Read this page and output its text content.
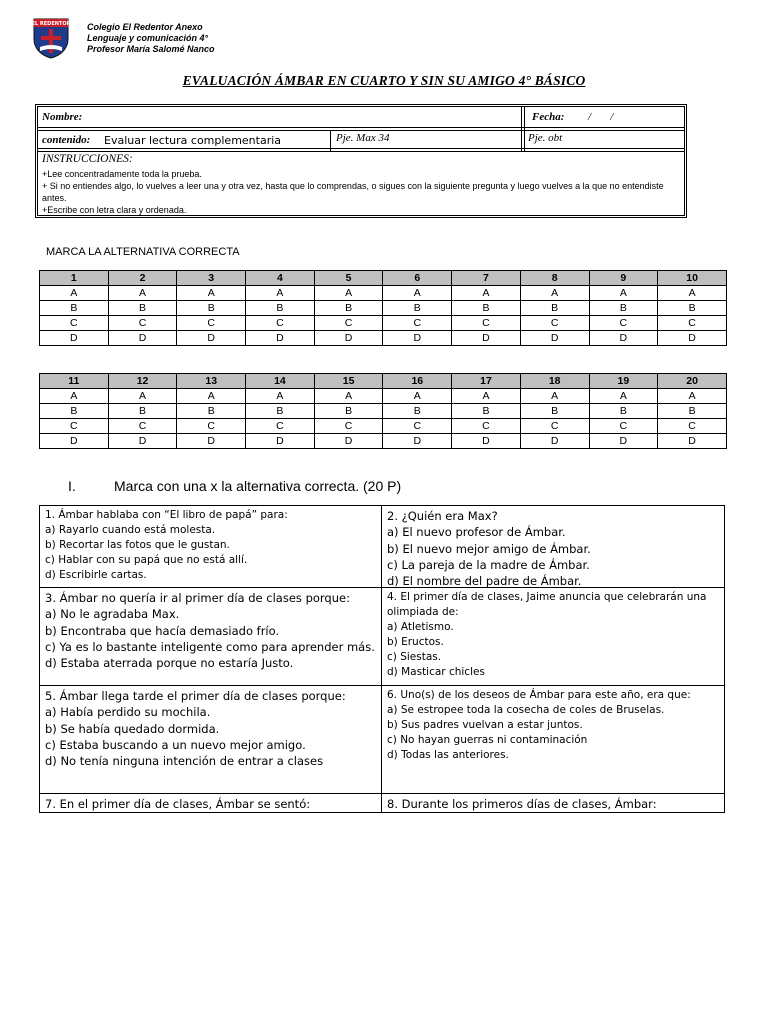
EL REDENTOR Colegio El Redentor Anexo
Lenguaje y comunicación 4°
Profesor María Salomé Nanco
EVALUACIÓN ÁMBAR EN CUARTO Y SIN SU AMIGO 4° BÁSICO
Nombre:	Fecha: /       /
contenido: Evaluar lectura complementaria	Pje. Max 34	Pje. obt
INSTRUCCIONES:
+Lee concentradamente toda la prueba.
+ Si no entiendes algo, lo vuelves a leer una y otra vez, hasta que lo comprendas, o sigues con la siguiente pregunta y luego vuelves a la que no entendiste antes.
+Escribe con letra clara y ordenada.
MARCA LA ALTERNATIVA CORRECTA
1	2	3	4	5	6	7	8	9	10
A	A	A	A	A	A	A	A	A	A
B	B	B	B	B	B	B	B	B	B
C	C	C	C	C	C	C	C	C	C
D	D	D	D	D	D	D	D	D	D
11	12	13	14	15	16	17	18	19	20
A	A	A	A	A	A	A	A	A	A
B	B	B	B	B	B	B	B	B	B
C	C	C	C	C	C	C	C	C	C
D	D	D	D	D	D	D	D	D	D
I.	Marca con una x la alternativa correcta. (20 P)
1. Ámbar hablaba con “El libro de papá” para:
a) Rayarlo cuando está molesta.
b) Recortar las fotos que le gustan.
c) Hablar con su papá que no está allí.
d) Escribirle cartas.
2. ¿Quién era Max?
a) El nuevo profesor de Ámbar.
b) El nuevo mejor amigo de Ámbar.
c) La pareja de la madre de Ámbar.
d) El nombre del padre de Ámbar.
3. Ámbar no quería ir al primer día de clases porque:
a) No le agradaba Max.
b) Encontraba que hacía demasiado frío.
c) Ya es lo bastante inteligente como para aprender más.
d) Estaba aterrada porque no estaría Justo.
4. El primer día de clases, Jaime anuncia que celebrarán una olimpiada de:
a) Atletismo.
b) Eructos.
c) Siestas.
d) Masticar chicles
5. Ámbar llega tarde el primer día de clases porque:
a) Había perdido su mochila.
b) Se había quedado dormida.
c) Estaba buscando a un nuevo mejor amigo.
d) No tenía ninguna intención de entrar a clases
6. Uno(s) de los deseos de Ámbar para este año, era que:
a) Se estropee toda la cosecha de coles de Bruselas.
b) Sus padres vuelvan a estar juntos.
c) No hayan guerras ni contaminación
d) Todas las anteriores.
7. En el primer día de clases, Ámbar se sentó:	8. Durante los primeros días de clases, Ámbar:
